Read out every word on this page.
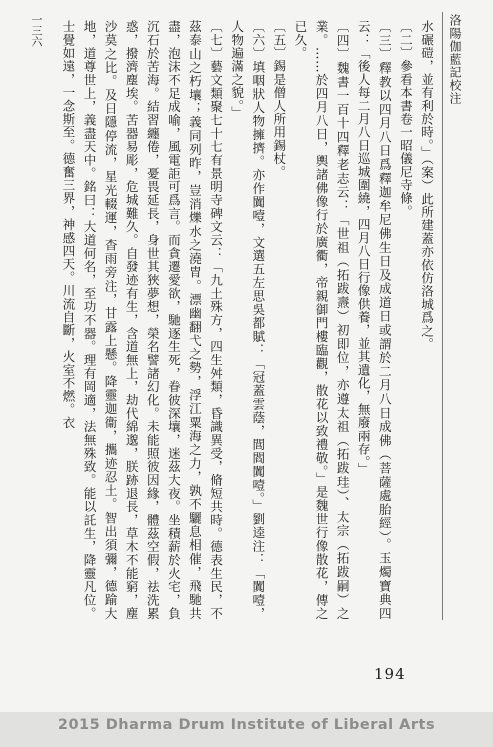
洛陽伽藍記校注
一三六	水碾磑，並有利於時。」（案）此所建蓋亦依仿洛城爲之。

〔二〕參看本書卷一昭儀尼寺條。

〔三〕釋教以四月八日爲釋迦牟尼佛生日及成道日或謂於二月八日成佛（菩薩處胎經）。玉燭寶典四云：「後人每二月八日巡城圍繞，四月八日行像供養，並其遺化，無廢兩存。」

〔四〕魏書一百十四釋老志云：「世祖（拓跋燾）初即位，亦遵太祖（拓跋珪）、太宗（拓跋嗣）之業。……於四月八日，輿諸佛像行於廣衢，帝親御門樓臨觀，散花以致禮敬。」是魏世行像散花，傳之已久。

〔五〕錫是僧人所用錫杖。

〔六〕填咽狀人物擁擠。亦作闐噎，文選五左思吳都賦：「冠蓋雲蔭，閭閻闐噎。」劉逵注：「闐噎，人物遍滿之貌。」

〔七〕藝文類聚七十七有景明寺碑文云：「九土殊方，四生舛類，昏識異受，脩短共時。德表生民，不茲泰山之朽壤；義同列昨，豈消爍水之澆胄。漂幽翻弋之勢，浮江粟海之力，孰不驪息相催，飛馳共盡，泡沫不足成喻，風電詎可爲言。而貪遷愛欲，馳逐生死，眷彼深壤，迷茲大夜。坐積薪於火宅，負沉石於苦海。結習纏倦，憂畏延長，身世其狹夢想，榮名譬諸幻化。未能照彼因緣，體茲空假，祛洗累惑，撥濟塵埃。苦器易彫，危城難久。自發迹有生，含道無上，劫代綿邈，朕跡退長，草木不能窮，塵沙莫之比。及日隱停流，星光輟運，杳雨旁注，甘露上懸。降靈迦衞，攜迹忍土。智出須彌，德踰大地，道尊世上，義盡天中。銘曰：大道何名，至功不器。理有岡適，法無殊致。能以託生，降靈凡位。士覺如遠，一念斯至。德奮三界，神感四天。川流自斷，火室不燃。衣

194
2015 Dharma Drum Institute of Liberal Arts
